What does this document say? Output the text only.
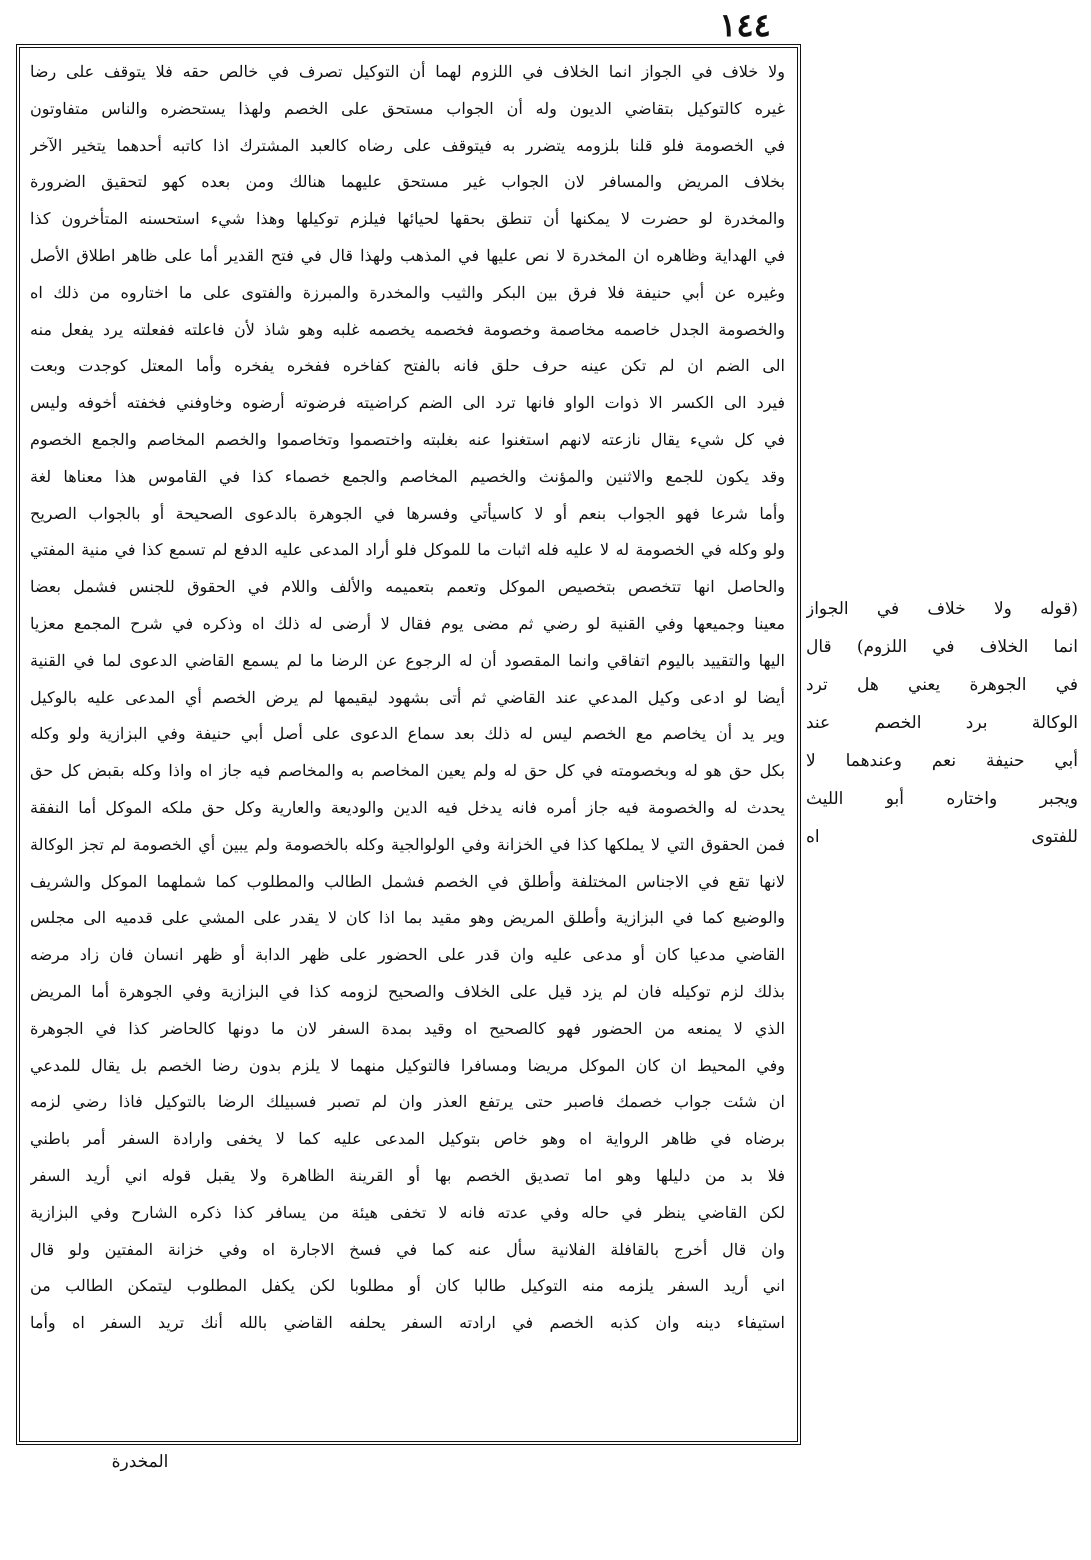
١٤٤
ولا خلاف في الجواز انما الخلاف في اللزوم لهما أن التوكيل تصرف في خالص حقه فلا يتوقف على رضا
غيره كالتوكيل بتقاضي الديون وله أن الجواب مستحق على الخصم ولهذا يستحضره والناس متفاوتون
في الخصومة فلو قلنا بلزومه يتضرر به فيتوقف على رضاه كالعبد المشترك اذا كاتبه أحدهما يتخير الآخر
بخلاف المريض والمسافر لان الجواب غير مستحق عليهما هنالك ومن بعده كهو لتحقيق الضرورة
والمخدرة لو حضرت لا يمكنها أن تنطق بحقها لحيائها فيلزم توكيلها وهذا شيء استحسنه المتأخرون كذا
في الهداية وظاهره ان المخدرة لا نص عليها في المذهب ولهذا قال في فتح القدير أما على ظاهر اطلاق الأصل
وغيره عن أبي حنيفة فلا فرق بين البكر والثيب والمخدرة والمبرزة والفتوى على ما اختاروه من ذلك اه
والخصومة الجدل خاصمه مخاصمة وخصومة فخصمه يخصمه غلبه وهو شاذ لأن فاعلته ففعلته يرد يفعل منه
الى الضم ان لم تكن عينه حرف حلق فانه بالفتح كفاخره ففخره يفخره وأما المعتل كوجدت وبعت
فيرد الى الكسر الا ذوات الواو فانها ترد الى الضم كراضيته فرضوته أرضوه وخاوفني فخفته أخوفه وليس
في كل شيء يقال نازعته لانهم استغنوا عنه بغلبته واختصموا وتخاصموا والخصم المخاصم والجمع الخصوم
وقد يكون للجمع والاثنين والمؤنث والخصيم المخاصم والجمع خصماء كذا في القاموس هذا معناها لغة
وأما شرعا فهو الجواب بنعم أو لا كاسيأتي وفسرها في الجوهرة بالدعوى الصحيحة أو بالجواب الصريح
ولو وكله في الخصومة له لا عليه فله اثبات ما للموكل فلو أراد المدعى عليه الدفع لم تسمع كذا في منية المفتي
والحاصل انها تتخصص بتخصيص الموكل وتعمم بتعميمه والألف واللام في الحقوق للجنس فشمل بعضا
معينا وجميعها وفي القنية لو رضي ثم مضى يوم فقال لا أرضى له ذلك اه وذكره في شرح المجمع معزيا
اليها والتقييد باليوم اتفاقي وانما المقصود أن له الرجوع عن الرضا ما لم يسمع القاضي الدعوى لما في القنية
أيضا لو ادعى وكيل المدعي عند القاضي ثم أتى بشهود ليقيمها لم يرض الخصم أي المدعى عليه بالوكيل
وير يد أن يخاصم مع الخصم ليس له ذلك بعد سماع الدعوى على أصل أبي حنيفة وفي البزازية ولو وكله
بكل حق هو له وبخصومته في كل حق له ولم يعين المخاصم به والمخاصم فيه جاز اه واذا وكله بقبض كل حق
يحدث له والخصومة فيه جاز أمره فانه يدخل فيه الدين والوديعة والعارية وكل حق ملكه الموكل أما النفقة
فمن الحقوق التي لا يملكها كذا في الخزانة وفي الولوالجية وكله بالخصومة ولم يبين أي الخصومة لم تجز الوكالة
لانها تقع في الاجناس المختلفة وأطلق في الخصم فشمل الطالب والمطلوب كما شملهما الموكل والشريف
والوضيع كما في البزازية وأطلق المريض وهو مقيد بما اذا كان لا يقدر على المشي على قدميه الى مجلس
القاضي مدعيا كان أو مدعى عليه وان قدر على الحضور على ظهر الدابة أو ظهر انسان فان زاد مرضه
بذلك لزم توكيله فان لم يزد قيل على الخلاف والصحيح لزومه كذا في البزازية وفي الجوهرة أما المريض
الذي لا يمنعه من الحضور فهو كالصحيح اه وقيد بمدة السفر لان ما دونها كالحاضر كذا في الجوهرة
وفي المحيط ان كان الموكل مريضا ومسافرا فالتوكيل منهما لا يلزم بدون رضا الخصم بل يقال للمدعي
ان شئت جواب خصمك فاصبر حتى يرتفع العذر وان لم تصبر فسبيلك الرضا بالتوكيل فاذا رضي لزمه
برضاه في ظاهر الرواية اه وهو خاص بتوكيل المدعى عليه كما لا يخفى وارادة السفر أمر باطني
فلا بد من دليلها وهو اما تصديق الخصم بها أو القرينة الظاهرة ولا يقبل قوله اني أريد السفر
لكن القاضي ينظر في حاله وفي عدته فانه لا تخفى هيئة من يسافر كذا ذكره الشارح وفي البزازية
وان قال أخرج بالقافلة الفلانية سأل عنه كما في فسخ الاجارة اه وفي خزانة المفتين ولو قال
اني أريد السفر يلزمه منه التوكيل طالبا كان أو مطلوبا لكن يكفل المطلوب ليتمكن الطالب من
استيفاء دينه وان كذبه الخصم في ارادته السفر يحلفه القاضي بالله أنك تريد السفر اه وأما
(قوله ولا خلاف في الجواز
انما الخلاف في اللزوم) قال
في الجوهرة يعني هل ترد
الوكالة برد الخصم عند
أبي حنيفة نعم وعندهما لا
ويجبر واختاره أبو الليث
للفتوى اه
المخدرة
